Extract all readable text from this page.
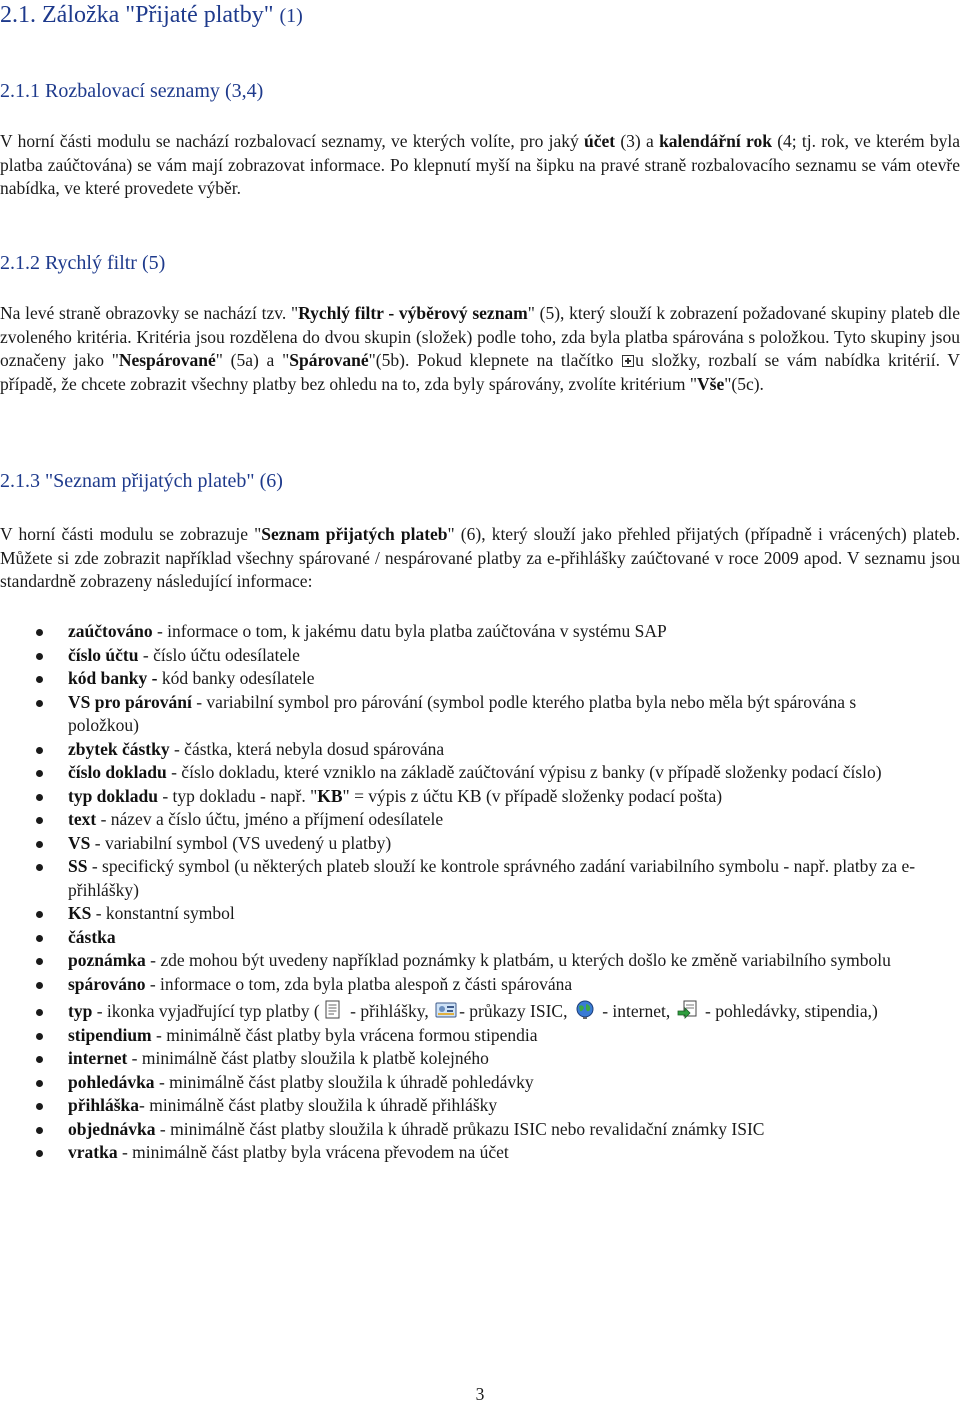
2.1. Záložka "Přijaté platby" (1)
2.1.1 Rozbalovací seznamy (3,4)
V horní části modulu se nachází rozbalovací seznamy, ve kterých volíte, pro jaký účet (3) a kalendářní rok (4; tj. rok, ve kterém byla platba zaúčtována) se vám mají zobrazovat informace. Po klepnutí myší na šipku na pravé straně rozbalovacího seznamu se vám otevře nabídka, ve které provedete výběr.
2.1.2 Rychlý filtr (5)
Na levé straně obrazovky se nachází tzv. "Rychlý filtr - výběrový seznam" (5), který slouží k zobrazení požadované skupiny plateb dle zvoleného kritéria. Kritéria jsou rozdělena do dvou skupin (složek) podle toho, zda byla platba spárována s položkou. Tyto skupiny jsou označeny jako "Nespárované" (5a) a "Spárované"(5b). Pokud klepnete na tlačítko u složky, rozbalí se vám nabídka kritérií. V případě, že chcete zobrazit všechny platby bez ohledu na to, zda byly spárovány, zvolíte kritérium "Vše"(5c).
2.1.3 "Seznam přijatých plateb" (6)
V horní části modulu se zobrazuje "Seznam přijatých plateb" (6), který slouží jako přehled přijatých (případně i vrácených) plateb. Můžete si zde zobrazit například všechny spárované / nespárované platby za e-přihlášky zaúčtované v roce 2009 apod. V seznamu jsou standardně zobrazeny následující informace:
zaúčtováno - informace o tom, k jakému datu byla platba zaúčtována v systému SAP
číslo účtu - číslo účtu odesílatele
kód banky - kód banky odesílatele
VS pro párování - variabilní symbol pro párování (symbol podle kterého platba byla nebo měla být spárována s položkou)
zbytek částky - částka, která nebyla dosud spárována
číslo dokladu - číslo dokladu, které vzniklo na základě zaúčtování výpisu z banky (v případě složenky podací číslo)
typ dokladu - typ dokladu - např. "KB" = výpis z účtu KB (v případě složenky podací pošta)
text - název a číslo účtu, jméno a příjmení odesílatele
VS - variabilní symbol (VS uvedený u platby)
SS - specifický symbol (u některých plateb slouží ke kontrole správného zadání variabilního symbolu - např. platby za e-přihlášky)
KS - konstantní symbol
částka
poznámka - zde mohou být uvedeny například poznámky k platbám, u kterých došlo ke změně variabilního symbolu
spárováno - informace o tom, zda byla platba alespoň z části spárována
typ - ikonka vyjadřující typ platby ( - přihlášky, - průkazy ISIC,  - internet,  - pohledávky, stipendia,)
stipendium - minimálně část platby byla vrácena formou stipendia
internet - minimálně část platby sloužila k platbě kolejného
pohledávka - minimálně část platby sloužila k úhradě pohledávky
přihláška- minimálně část platby sloužila k úhradě přihlášky
objednávka - minimálně část platby sloužila k úhradě průkazu ISIC nebo revalidační známky ISIC
vratka - minimálně část platby byla vrácena převodem na účet
3
